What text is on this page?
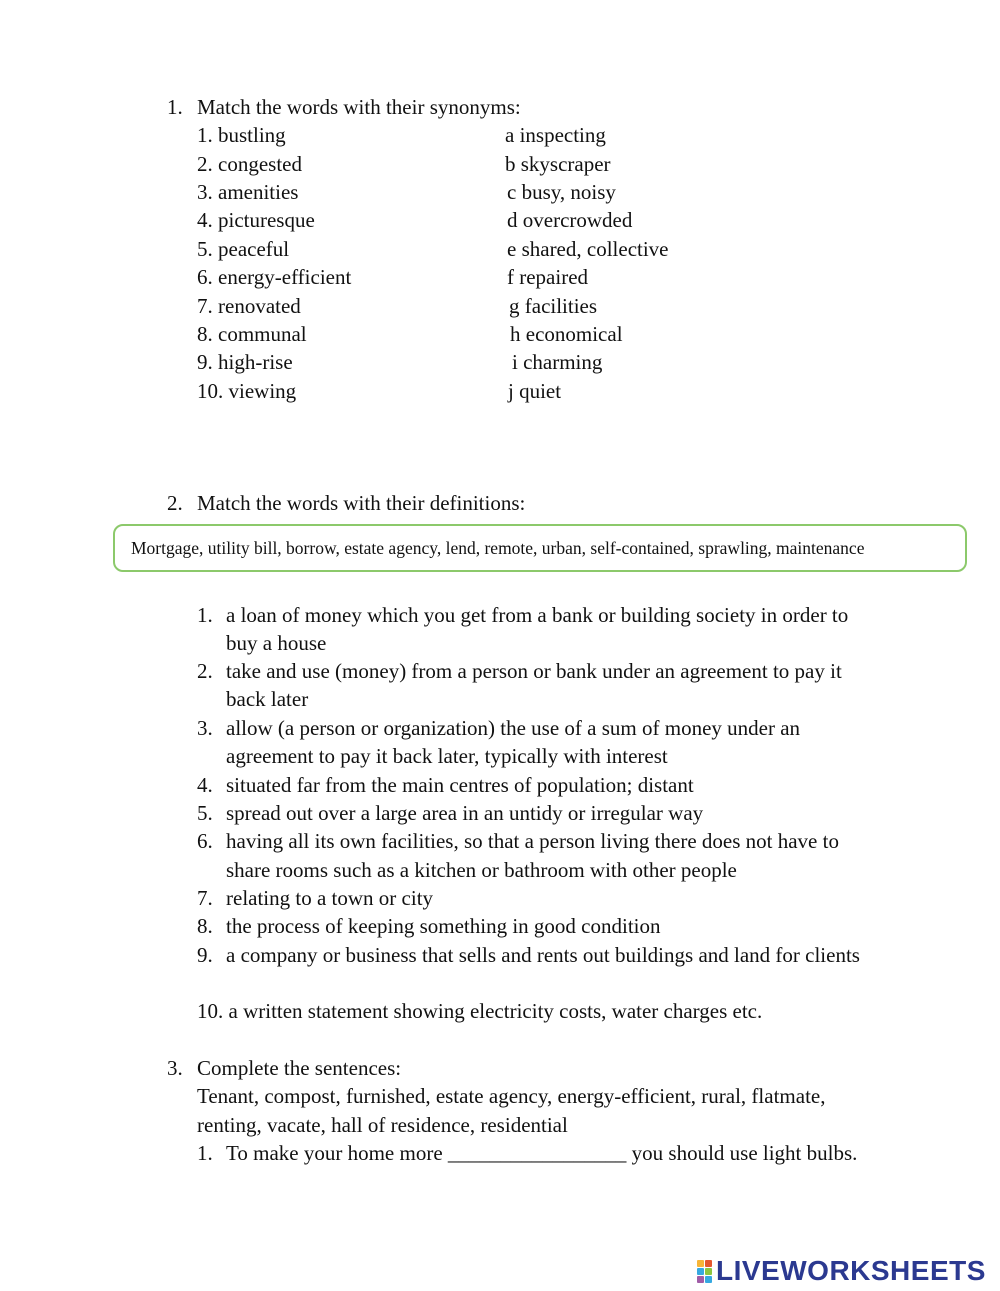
1. Match the words with their synonyms:
1. bustling
2. congested
3. amenities
4. picturesque
5. peaceful
6. energy-efficient
7. renovated
8. communal
9. high-rise
10. viewing
a inspecting
b skyscraper
c busy, noisy
d overcrowded
e shared, collective
f repaired
g facilities
h economical
i charming
j quiet
2. Match the words with their definitions:
Mortgage, utility bill, borrow, estate agency, lend, remote, urban, self-contained, sprawling, maintenance
1. a loan of money which you get from a bank or building society in order to
buy a house
2. take and use (money) from a person or bank under an agreement to pay it
back later
3. allow (a person or organization) the use of a sum of money under an
agreement to pay it back later, typically with interest
4. situated far from the main centres of population; distant
5. spread out over a large area in an untidy or irregular way
6. having all its own facilities, so that a person living there does not have to
share rooms such as a kitchen or bathroom with other people
7. relating to a town or city
8. the process of keeping something in good condition
9. a company or business that sells and rents out buildings and land for clients
10. a written statement showing electricity costs, water charges etc.
3. Complete the sentences:
Tenant, compost, furnished, estate agency, energy-efficient, rural, flatmate,
renting, vacate, hall of residence, residential
1. To make your home more _________________ you should use light bulbs.
LIVEWORKSHEETS
